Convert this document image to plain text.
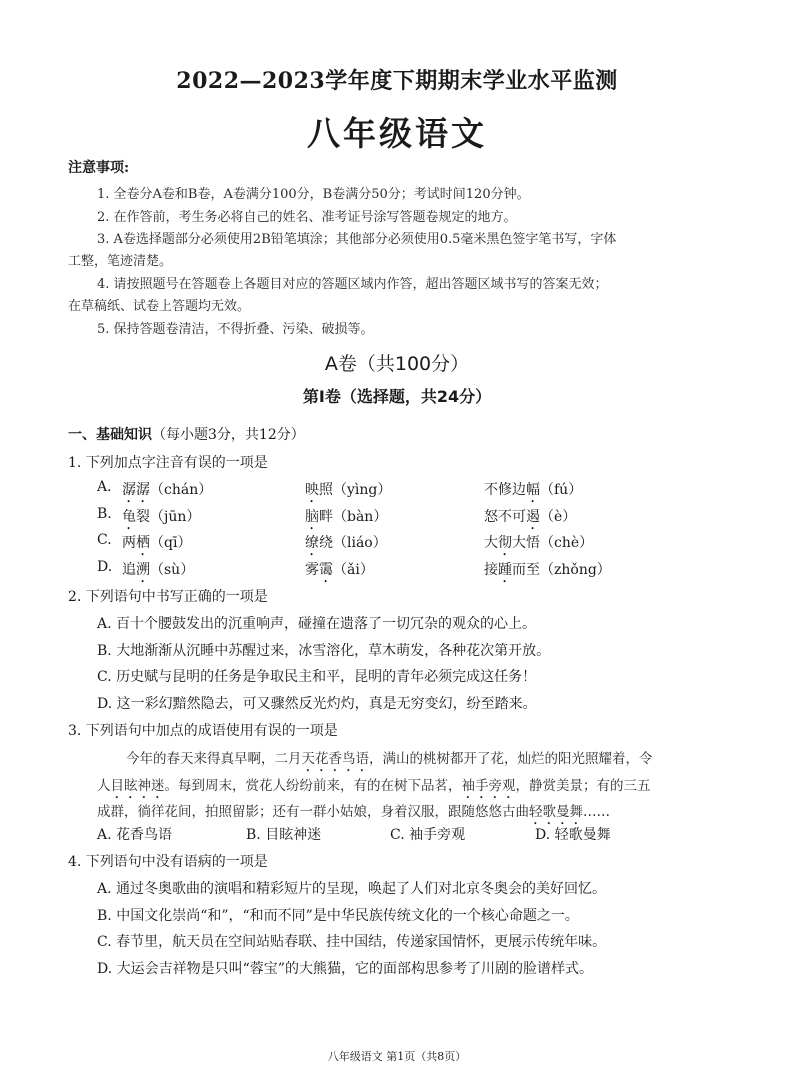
2022—2023学年度下期期末学业水平监测
八年级语文
注意事项:
1. 全卷分A卷和B卷，A卷满分100分，B卷满分50分；考试时间120分钟。
2. 在作答前，考生务必将自己的姓名、准考证号涂写答题卷规定的地方。
3. A卷选择题部分必须使用2B铅笔填涂；其他部分必须使用0.5毫米黑色签字笔书写，字体
工整，笔迹清楚。
4. 请按照题号在答题卷上各题目对应的答题区域内作答，超出答题区域书写的答案无效；
在草稿纸、试卷上答题均无效。
5. 保持答题卷清洁，不得折叠、污染、破损等。
A卷（共100分）
第Ⅰ卷（选择题，共24分）
一、基础知识（每小题3分，共12分）
1. 下列加点字注音有误的一项是
A. 潺潺（chán）	映照（yìng）	不修边幅（fú）
B. 龟裂（jūn）	脑畔（bàn）	怒不可遏（è）
C. 两栖（qī）	缭绕（liáo）	大彻大悟（chè）
D. 追溯（sù）	雾霭（ǎi）	接踵而至（zhǒng）
2. 下列语句中书写正确的一项是
A. 百十个腰鼓发出的沉重响声，碰撞在遗落了一切冗杂的观众的心上。
B. 大地渐渐从沉睡中苏醒过来，冰雪溶化，草木萌发，各种花次第开放。
C. 历史赋与昆明的任务是争取民主和平，昆明的青年必须完成这任务！
D. 这一彩幻黯然隐去，可又骤然反光灼灼，真是无穷变幻，纷至踏来。
3. 下列语句中加点的成语使用有误的一项是
今年的春天来得真早啊，二月天花香鸟语，满山的桃树都开了花，灿烂的阳光照耀着，令
人目眩神迷。每到周末，赏花人纷纷前来，有的在树下品茗，袖手旁观，静赏美景；有的三五
成群，徜徉花间，拍照留影；还有一群小姑娘，身着汉服，跟随悠悠古曲轻歌曼舞……
A. 花香鸟语	B. 目眩神迷	C. 袖手旁观	D. 轻歌曼舞
4. 下列语句中没有语病的一项是
A. 通过冬奥歌曲的演唱和精彩短片的呈现，唤起了人们对北京冬奥会的美好回忆。
B. 中国文化崇尚“和”，“和而不同”是中华民族传统文化的一个核心命题之一。
C. 春节里，航天员在空间站贴春联、挂中国结，传递家国情怀，更展示传统年味。
D. 大运会吉祥物是只叫“蓉宝”的大熊猫，它的面部构思参考了川剧的脸谱样式。
八年级语文 第1页（共8页）
